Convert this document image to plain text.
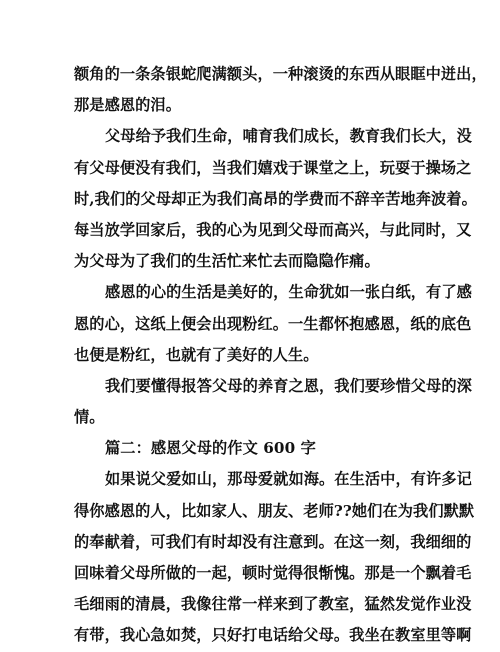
额角的一条条银蛇爬满额头，一种滚烫的东西从眼眶中迸出，
那是感恩的泪。
父母给予我们生命，哺育我们成长，教育我们长大，没
有父母便没有我们，当我们嬉戏于课堂之上，玩耍于操场之
时,我们的父母却正为我们高昂的学费而不辞辛苦地奔波着。
每当放学回家后，我的心为见到父母而高兴，与此同时，又
为父母为了我们的生活忙来忙去而隐隐作痛。
感恩的心的生活是美好的，生命犹如一张白纸，有了感
恩的心，这纸上便会出现粉红。一生都怀抱感恩，纸的底色
也便是粉红，也就有了美好的人生。
我们要懂得报答父母的养育之恩，我们要珍惜父母的深
情。
篇二：感恩父母的作文 600 字
如果说父爱如山，那母爱就如海。在生活中，有许多记
得你感恩的人，比如家人、朋友、老师??她们在为我们默默
的奉献着，可我们有时却没有注意到。在这一刻，我细细的
回味着父母所做的一起，顿时觉得很惭愧。那是一个飘着毛
毛细雨的清晨，我像往常一样来到了教室，猛然发觉作业没
有带，我心急如焚，只好打电话给父母。我坐在教室里等啊
